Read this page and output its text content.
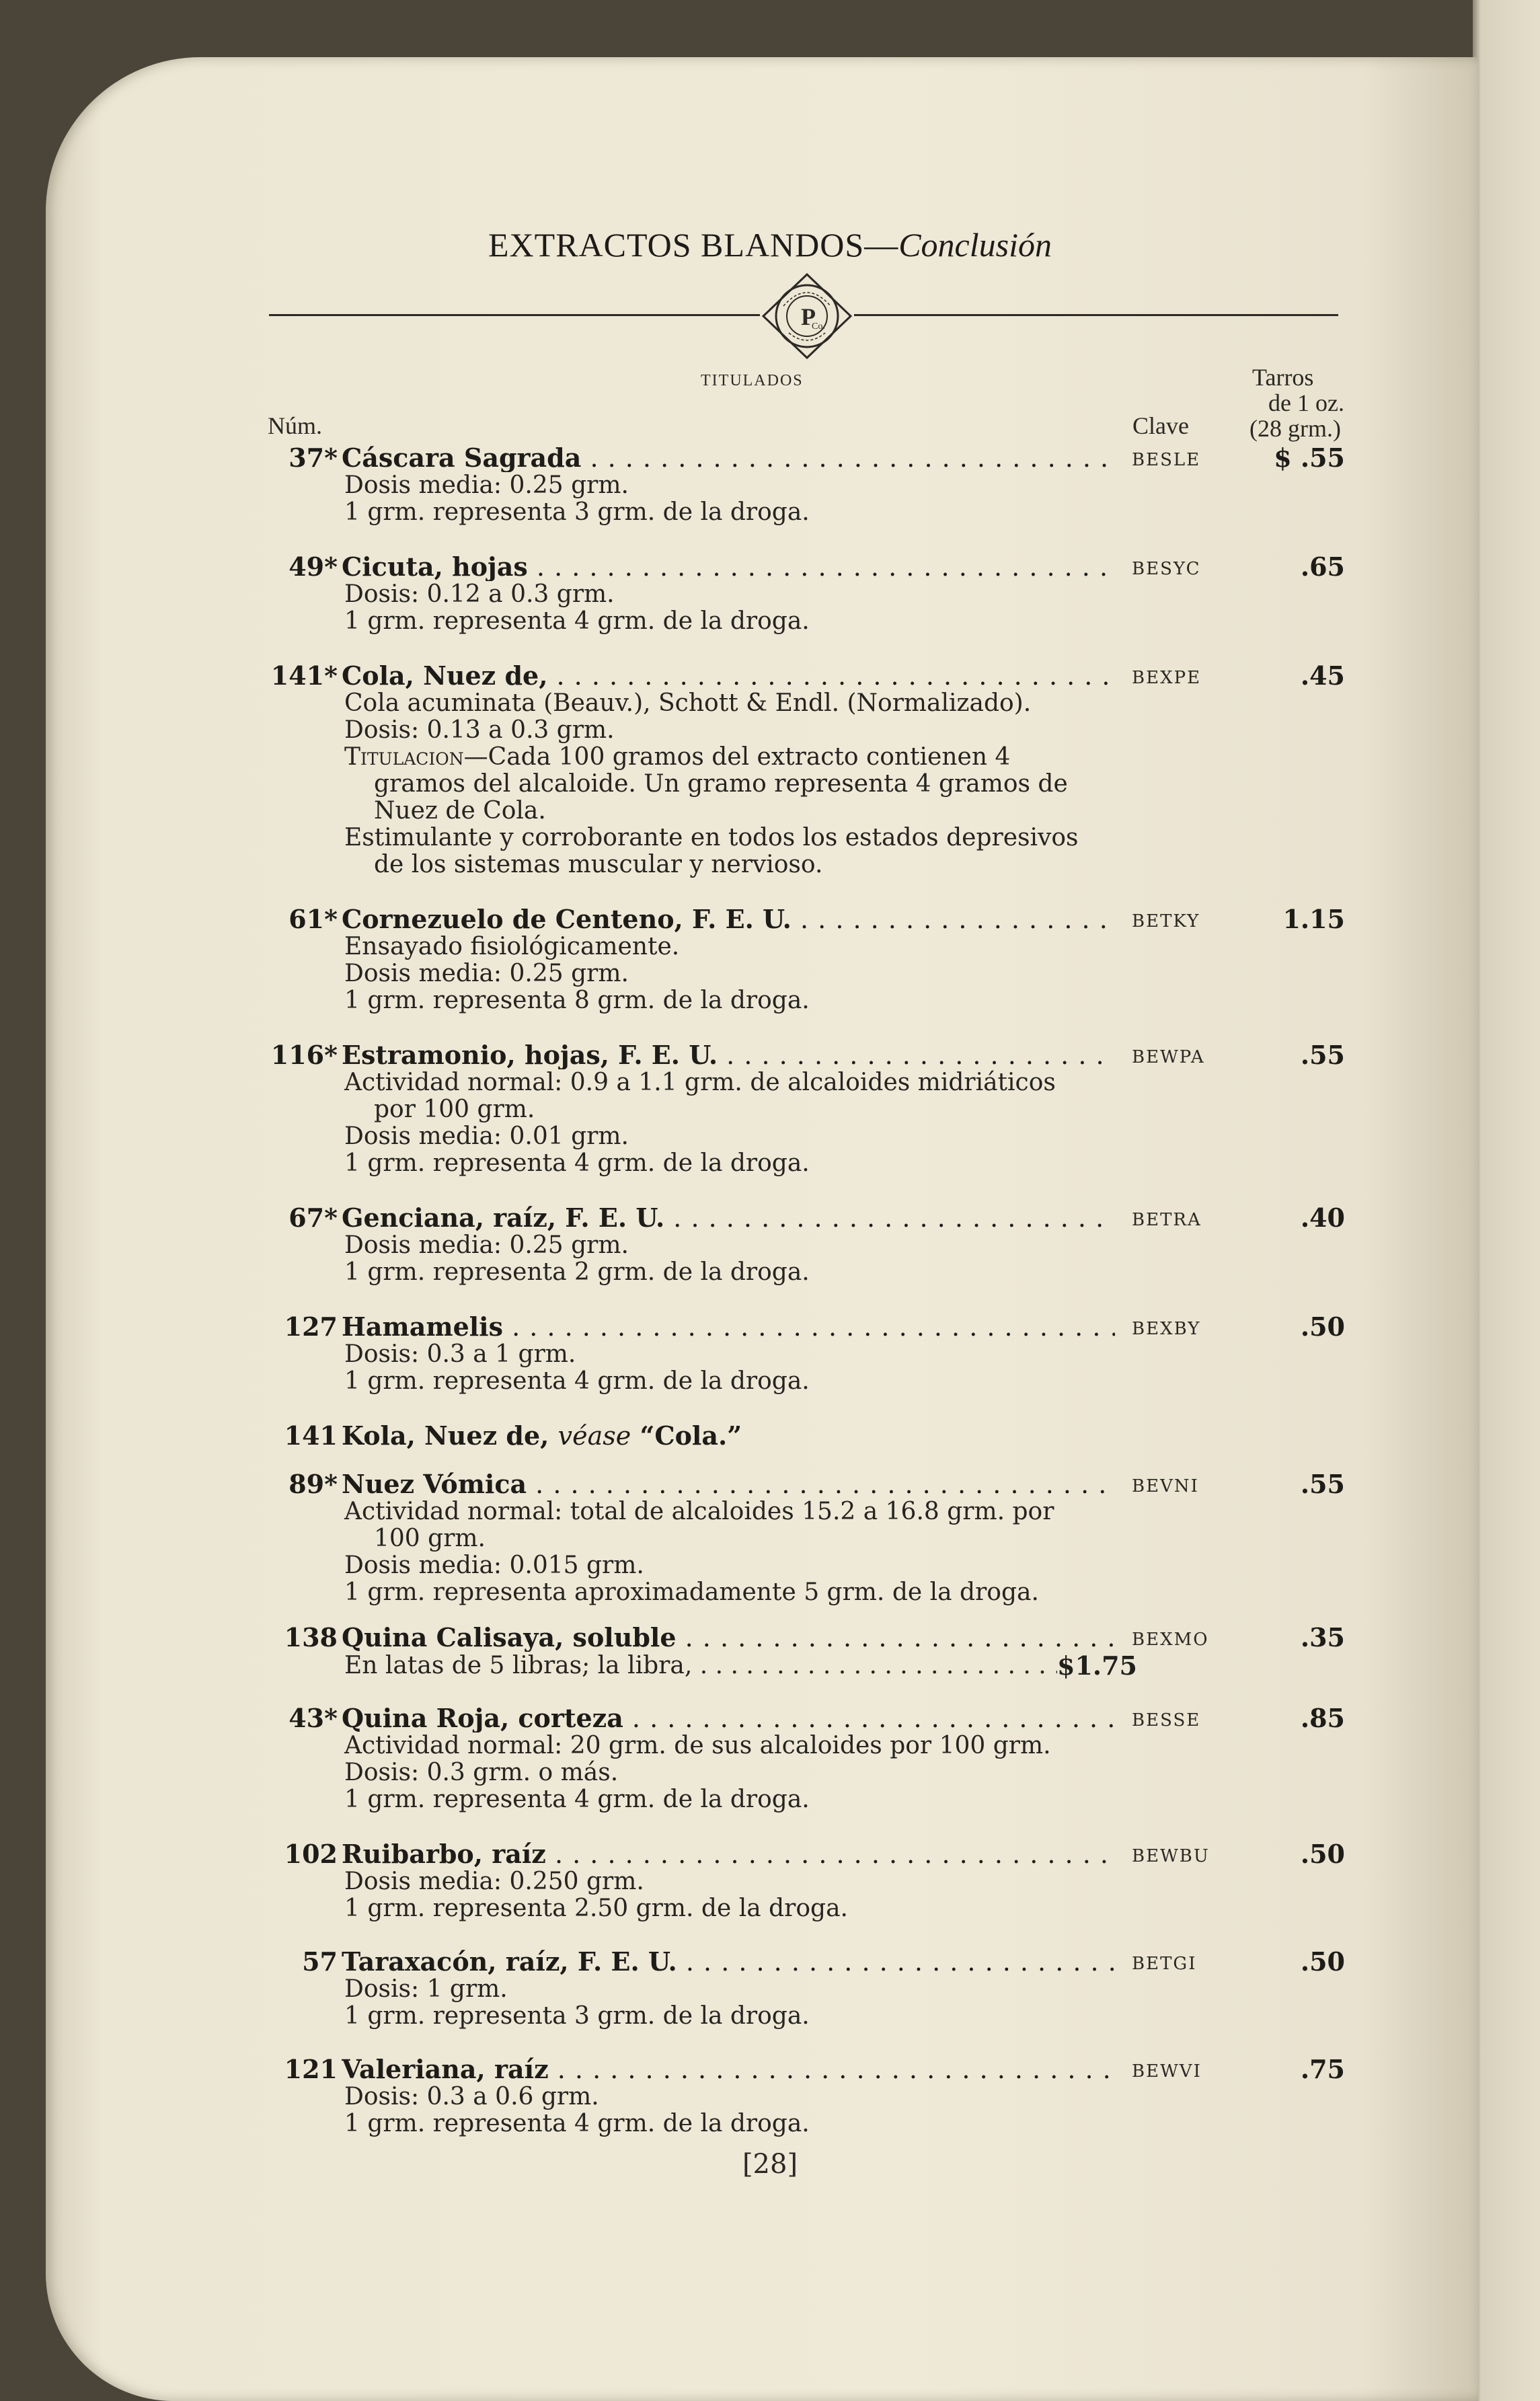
EXTRACTOS BLANDOS—Conclusión
P
Co.
TITULADOS	Tarros
de 1 oz.
(28 grm.)
Núm.	Clave
37* Cáscara Sagrada . . .	BESLE	$ .55
Dosis media: 0.25 grm.
1 grm. representa 3 grm. de la droga.
49* Cicuta, hojas . . .	BESYC	.65
Dosis: 0.12 a 0.3 grm.
1 grm. representa 4 grm. de la droga.
141* Cola, Nuez de, . . .	BEXPE	.45
Cola acuminata (Beauv.), Schott & Endl. (Normalizado).
Dosis: 0.13 a 0.3 grm.
Titulacion—Cada 100 gramos del extracto contienen 4
gramos del alcaloide. Un gramo representa 4 gramos de
Nuez de Cola.
Estimulante y corroborante en todos los estados depresivos
de los sistemas muscular y nervioso.
61* Cornezuelo de Centeno, F. E. U. . . .	BETKY	1.15
Ensayado fisiológicamente.
Dosis media: 0.25 grm.
1 grm. representa 8 grm. de la droga.
116* Estramonio, hojas, F. E. U. . . .	BEWPA	.55
Actividad normal: 0.9 a 1.1 grm. de alcaloides midriáticos
por 100 grm.
Dosis media: 0.01 grm.
1 grm. representa 4 grm. de la droga.
67* Genciana, raíz, F. E. U. . . .	BETRA	.40
Dosis media: 0.25 grm.
1 grm. representa 2 grm. de la droga.
127 Hamamelis . . .	BEXBY	.50
Dosis: 0.3 a 1 grm.
1 grm. representa 4 grm. de la droga.
141 Kola, Nuez de, véase “Cola.”
89* Nuez Vómica . . .	BEVNI	.55
Actividad normal: total de alcaloides 15.2 a 16.8 grm. por
100 grm.
Dosis media: 0.015 grm.
1 grm. representa aproximadamente 5 grm. de la droga.
138 Quina Calisaya, soluble . . .	BEXMO	.35
En latas de 5 libras; la libra, . . .	$1.75
43* Quina Roja, corteza . . .	BESSE	.85
Actividad normal: 20 grm. de sus alcaloides por 100 grm.
Dosis: 0.3 grm. o más.
1 grm. representa 4 grm. de la droga.
102 Ruibarbo, raíz . . .	BEWBU	.50
Dosis media: 0.250 grm.
1 grm. representa 2.50 grm. de la droga.
57 Taraxacón, raíz, F. E. U. . . .	BETGI	.50
Dosis: 1 grm.
1 grm. representa 3 grm. de la droga.
121 Valeriana, raíz . . .	BEWVI	.75
Dosis: 0.3 a 0.6 grm.
1 grm. representa 4 grm. de la droga.
[28]
